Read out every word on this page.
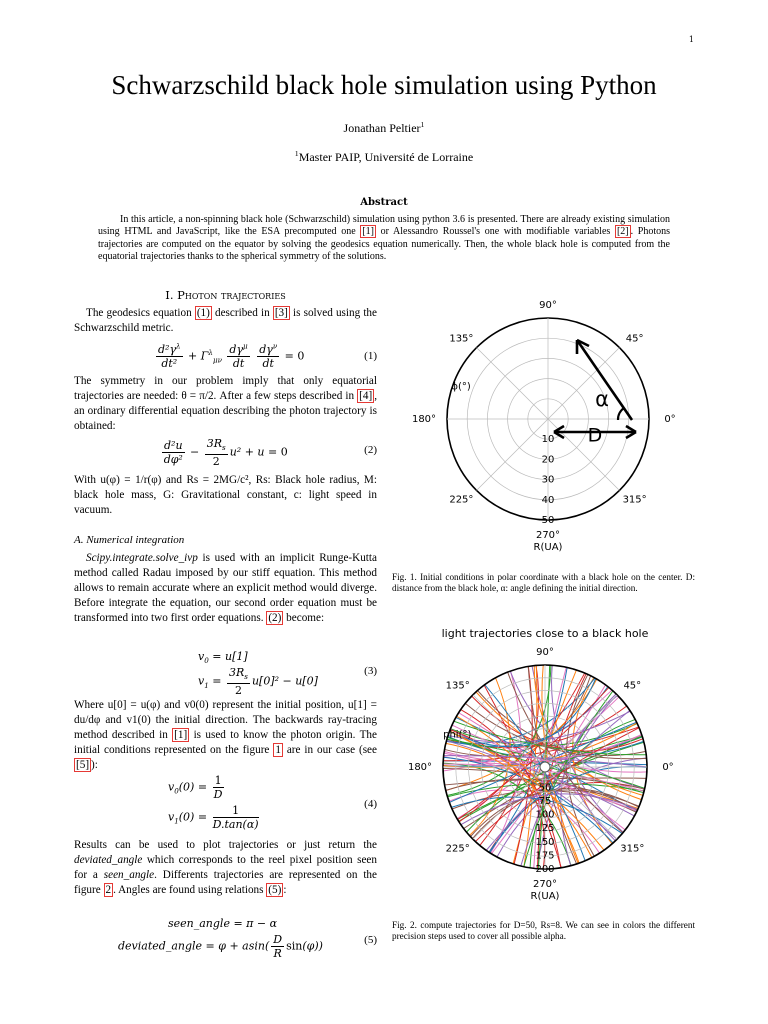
1
Schwarzschild black hole simulation using Python
Jonathan Peltier$^1$
$^1$Master PAIP, Université de Lorraine
Abstract
In this article, a non-spinning black hole (Schwarzschild) simulation using python 3.6 is presented. There are already existing simulation using HTML and JavaScript, like the ESA precomputed one [1] or Alessandro Roussel's one with modifiable variables [2] . Photons trajectories are computed on the equator by solving the geodesics equation numerically. Then, the whole black hole is computed from the equatorial trajectories thanks to the spherical symmetry of the solutions.
I. Photon trajectories
The geodesics equation (1) described in [3] is solved using the Schwarzschild metric.
$\frac{d^2\gamma^\lambda}{\text{dt²}} + \Gamma^\lambda_{\mu\nu} \frac{d\gamma^\mu}{dt}$
$\frac{d\gamma^\nu}{dt} = 0$	(1)
The symmetry in our problem imply that only equatorial trajectories are needed: θ = π/2. After a few steps described in [4] , an ordinary differential equation describing the photon trajectory is obtained:
$\frac{\text{d²u}}{\text{dφ²}} - \frac{3R_s}{2} u^2 + u = 0$	(2)
With u(φ) = 1/r(φ) and Rs = 2MG/c², Rs: Black hole radius, M: black hole mass, G: Gravitational constant, c: light speed in vacuum.
A. Numerical integration
Scipy.integrate.solve_ivp is used with an implicit Runge-Kutta method called Radau imposed by our stiff equation. This method allows to remain accurate where an explicit method would diverge. Before integrate the equation, our second order equation must be transformed into two first order equations. (2) become:
$v_0 = u[1]$
$v_1 = \frac{3R_s}{2} u[0]^2 - u[0]$
(3)
Where u[0] = u(φ) and v0(0) represent the initial position, u[1] = du/dφ and v1(0) the initial direction. The backwards ray-tracing method described in [1] is used to know the photon origin. The initial conditions represented on the figure 1 are in our case (see [5] ):
$v_0(0) = \frac{1}{D}$
$v_1(0) = \frac{1}{D.\tan(\alpha)}$	(4)
Results can be used to plot trajectories or just return the deviated_angle which corresponds to the reel pixel position seen for a seen_angle. Differents trajectories are represented on the figure 2 . Angles are found using relations (5) :
seen_angle = π − α
deviated_angle = $\varphi + asin( \frac{D}{R} \sin(\varphi))$	(5)
90°
45°
0°
315°
270°
225°
180°
135°
10
20
30
40
50
ϕ(°)
R(UA)
D
α
Fig. 1. Initial conditions in polar coordinate with a black hole on the center. D: distance from the black hole, α: angle defining the initial direction.
light trajectories close to a black hole
90°
45°
0°
315°
270°
225°
180°
135°
50
75
100
125
150
175
200
phi(°)
R(UA)
Fig. 2. compute trajectories for D=50, Rs=8. We can see in colors the different precision steps used to cover all possible alpha.
